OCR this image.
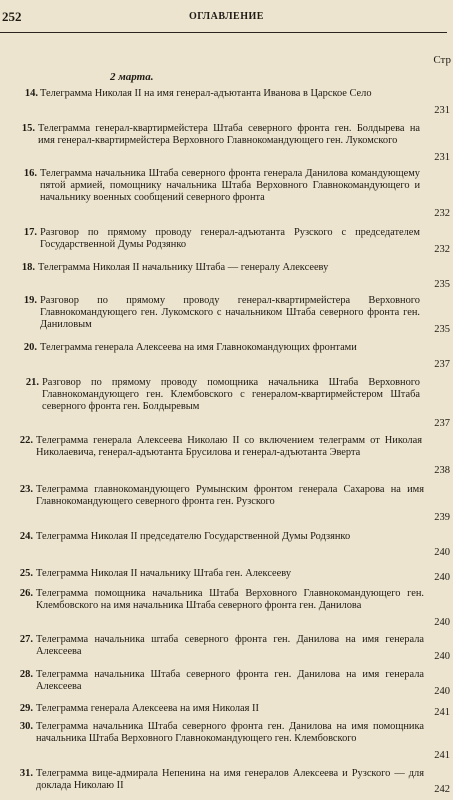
252	ОГЛАВЛЕНИЕ
Стр
2 марта.
14. Телеграмма Николая II на имя генерал-адъютанта Иванова в Царское Село
231
15. Телеграмма генерал-квартирмейстера Штаба северного фронта ген. Болдырева на имя генерал-квартирмейстера Верховного Главнокомандующего ген. Лукомского
231
16. Телеграмма начальника Штаба северного фронта генерала Данилова командующему пятой армией, помощнику начальника Штаба Верховного Главнокомандующего и начальнику военных сообщений северного фронта
232
17. Разговор по прямому проводу генерал-адъютанта Рузского с председателем Государственной Думы Родзянко	232
18. Телеграмма Николая II начальнику Штаба — генералу Алексееву
235
19. Разговор по прямому проводу генерал-квартирмейстера Верховного Главнокомандующего ген. Лукомского с начальником Штаба северного фронта ген. Даниловым	235
20. Телеграмма генерала Алексеева на имя Главнокомандующих фронтами
237
21. Разговор по прямому проводу помощника начальника Штаба Верховного Главнокомандующего ген. Клембовского с генералом-квартирмейстером Штаба северного фронта ген. Болдыревым
237
22. Телеграмма генерала Алексеева Николаю II со включением телеграмм от Николая Николаевича, генерал-адъютанта Брусилова и генерал-адъютанта Эверта
238
23. Телеграмма главнокомандующего Румынским фронтом генерала Сахарова на имя Главнокомандующего северного фронта ген. Рузского
239
24. Телеграмма Николая II председателю Государственной Думы Родзянко
240
25. Телеграмма Николая II начальнику Штаба ген. Алексееву	240
26. Телеграмма помощника начальника Штаба Верховного Главнокомандующего ген. Клембовского на имя начальника Штаба северного фронта ген. Данилова
240
27. Телеграмма начальника штаба северного фронта ген. Данилова на имя генерала Алексеева	240
28. Телеграмма начальника Штаба северного фронта ген. Данилова на имя генерала Алексеева	240
29. Телеграмма генерала Алексеева на имя Николая II	241
30. Телеграмма начальника Штаба северного фронта ген. Данилова на имя помощника начальника Штаба Верховного Главнокомандующего ген. Клембовского
241
31. Телеграмма вице-адмирала Непенина на имя генералов Алексеева и Рузского — для доклада Николаю II	242
